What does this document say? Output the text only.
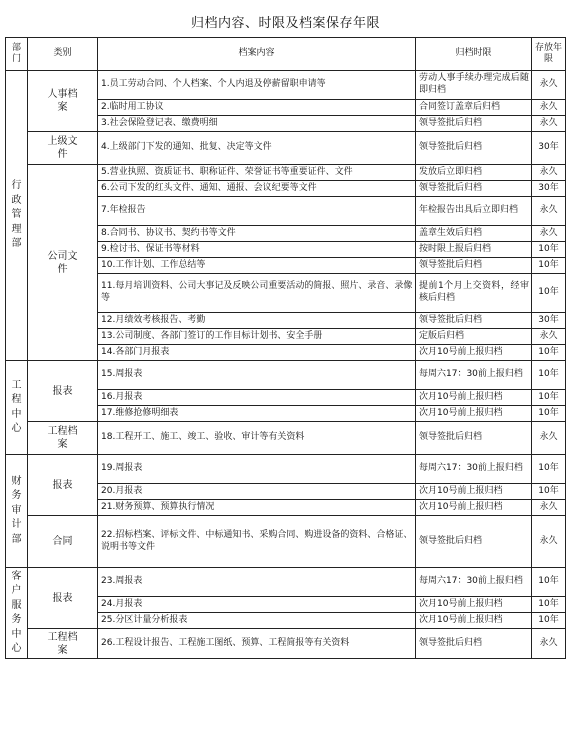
归档内容、时限及档案保存年限
部门	类别	档案内容	归档时限	存放年限

行政管理部	人事档案	1.员工劳动合同、个人档案、个人内退及停薪留职申请等	劳动人事手续办理完成后随即归档	永久
		2.临时用工协议	合同签订盖章后归档	永久
		3.社会保险登记表、缴费明细	领导签批后归档	永久
	上级文件	4.上级部门下发的通知、批复、决定等文件	领导签批后归档	30年
	公司文件	5.营业执照、资质证书、职称证件、荣誉证书等重要证件、文件	发放后立即归档	永久
		6.公司下发的红头文件、通知、通报、会议纪要等文件	领导签批后归档	30年
		7.年检报告	年检报告出具后立即归档	永久
		8.合同书、协议书、契约书等文件	盖章生效后归档	永久
		9.检讨书、保证书等材料	按时限上报后归档	10年
		10.工作计划、工作总结等	领导签批后归档	10年
		11.每月培训资料、公司大事记及反映公司重要活动的简报、照片、录音、录像等	提前1个月上交资料，经审核后归档	10年
		12.月绩效考核报告、考勤	领导签批后归档	30年
		13.公司制度、各部门签订的工作目标计划书、安全手册	定版后归档	永久
		14.各部门月报表	次月10号前上报归档	10年

工程中心	报表	15.周报表	每周六17：30前上报归档	10年
		16.月报表	次月10号前上报归档	10年
		17.维修抢修明细表	次月10号前上报归档	10年
	工程档案	18.工程开工、施工、竣工、验收、审计等有关资料	领导签批后归档	永久

财务审计部	报表	19.周报表	每周六17：30前上报归档	10年
		20.月报表	次月10号前上报归档	10年
		21.财务预算、预算执行情况	次月10号前上报归档	永久
	合同	22.招标档案、评标文件、中标通知书、采购合同、购进设备的资料、合格证、说明书等文件	领导签批后归档	永久

客户服务中心	报表	23.周报表	每周六17：30前上报归档	10年
		24.月报表	次月10号前上报归档	10年
		25.分区计量分析报表	次月10号前上报归档	10年
	工程档案	26.工程设计报告、工程施工图纸、预算、工程简报等有关资料	领导签批后归档	永久
